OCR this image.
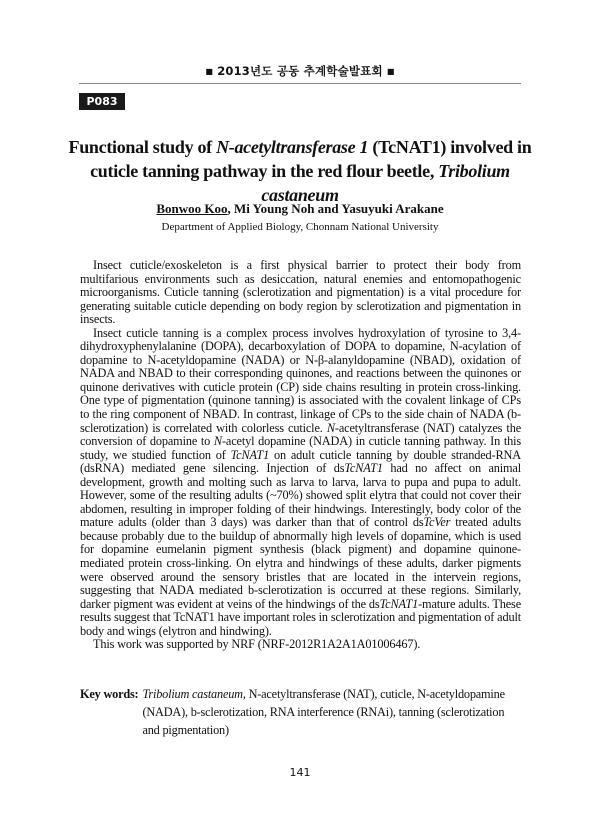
■ 2013년도 공동 추계학술발표회 ■
P083
Functional study of N-acetyltransferase 1 (TcNAT1) involved in cuticle tanning pathway in the red flour beetle, Tribolium castaneum
Bonwoo Koo, Mi Young Noh and Yasuyuki Arakane
Department of Applied Biology, Chonnam National University

Insect cuticle/exoskeleton is a first physical barrier to protect their body from multifarious environments such as desiccation, natural enemies and entomopathogenic microorganisms. Cuticle tanning (sclerotization and pigmentation) is a vital procedure for generating suitable cuticle depending on body region by sclerotization and pigmentation in insects.

Insect cuticle tanning is a complex process involves hydroxylation of tyrosine to 3,4-dihydroxyphenylalanine (DOPA), decarboxylation of DOPA to dopamine, N-acylation of dopamine to N-acetyldopamine (NADA) or N-β-alanyldopamine (NBAD), oxidation of NADA and NBAD to their corresponding quinones, and reactions between the quinones or quinone derivatives with cuticle protein (CP) side chains resulting in protein cross-linking. One type of pigmentation (quinone tanning) is associated with the covalent linkage of CPs to the ring component of NBAD. In contrast, linkage of CPs to the side chain of NADA (b-sclerotization) is correlated with colorless cuticle. N-acetyltransferase (NAT) catalyzes the conversion of dopamine to N-acetyl dopamine (NADA) in cuticle tanning pathway. In this study, we studied function of TcNAT1 on adult cuticle tanning by double stranded-RNA (dsRNA) mediated gene silencing. Injection of dsTcNAT1 had no affect on animal development, growth and molting such as larva to larva, larva to pupa and pupa to adult. However, some of the resulting adults (~70%) showed split elytra that could not cover their abdomen, resulting in improper folding of their hindwings. Interestingly, body color of the mature adults (older than 3 days) was darker than that of control dsTcVer treated adults because probably due to the buildup of abnormally high levels of dopamine, which is used for dopamine eumelanin pigment synthesis (black pigment) and dopamine quinone-mediated protein cross-linking. On elytra and hindwings of these adults, darker pigments were observed around the sensory bristles that are located in the intervein regions, suggesting that NADA mediated b-sclerotization is occurred at these regions. Similarly, darker pigment was evident at veins of the hindwings of the dsTcNAT1-mature adults. These results suggest that TcNAT1 have important roles in sclerotization and pigmentation of adult body and wings (elytron and hindwing).

This work was supported by NRF (NRF-2012R1A2A1A01006467).

Key words: Tribolium castaneum, N-acetyltransferase (NAT), cuticle, N-acetyldopamine (NADA), b-sclerotization, RNA interference (RNAi), tanning (sclerotization and pigmentation)
141
